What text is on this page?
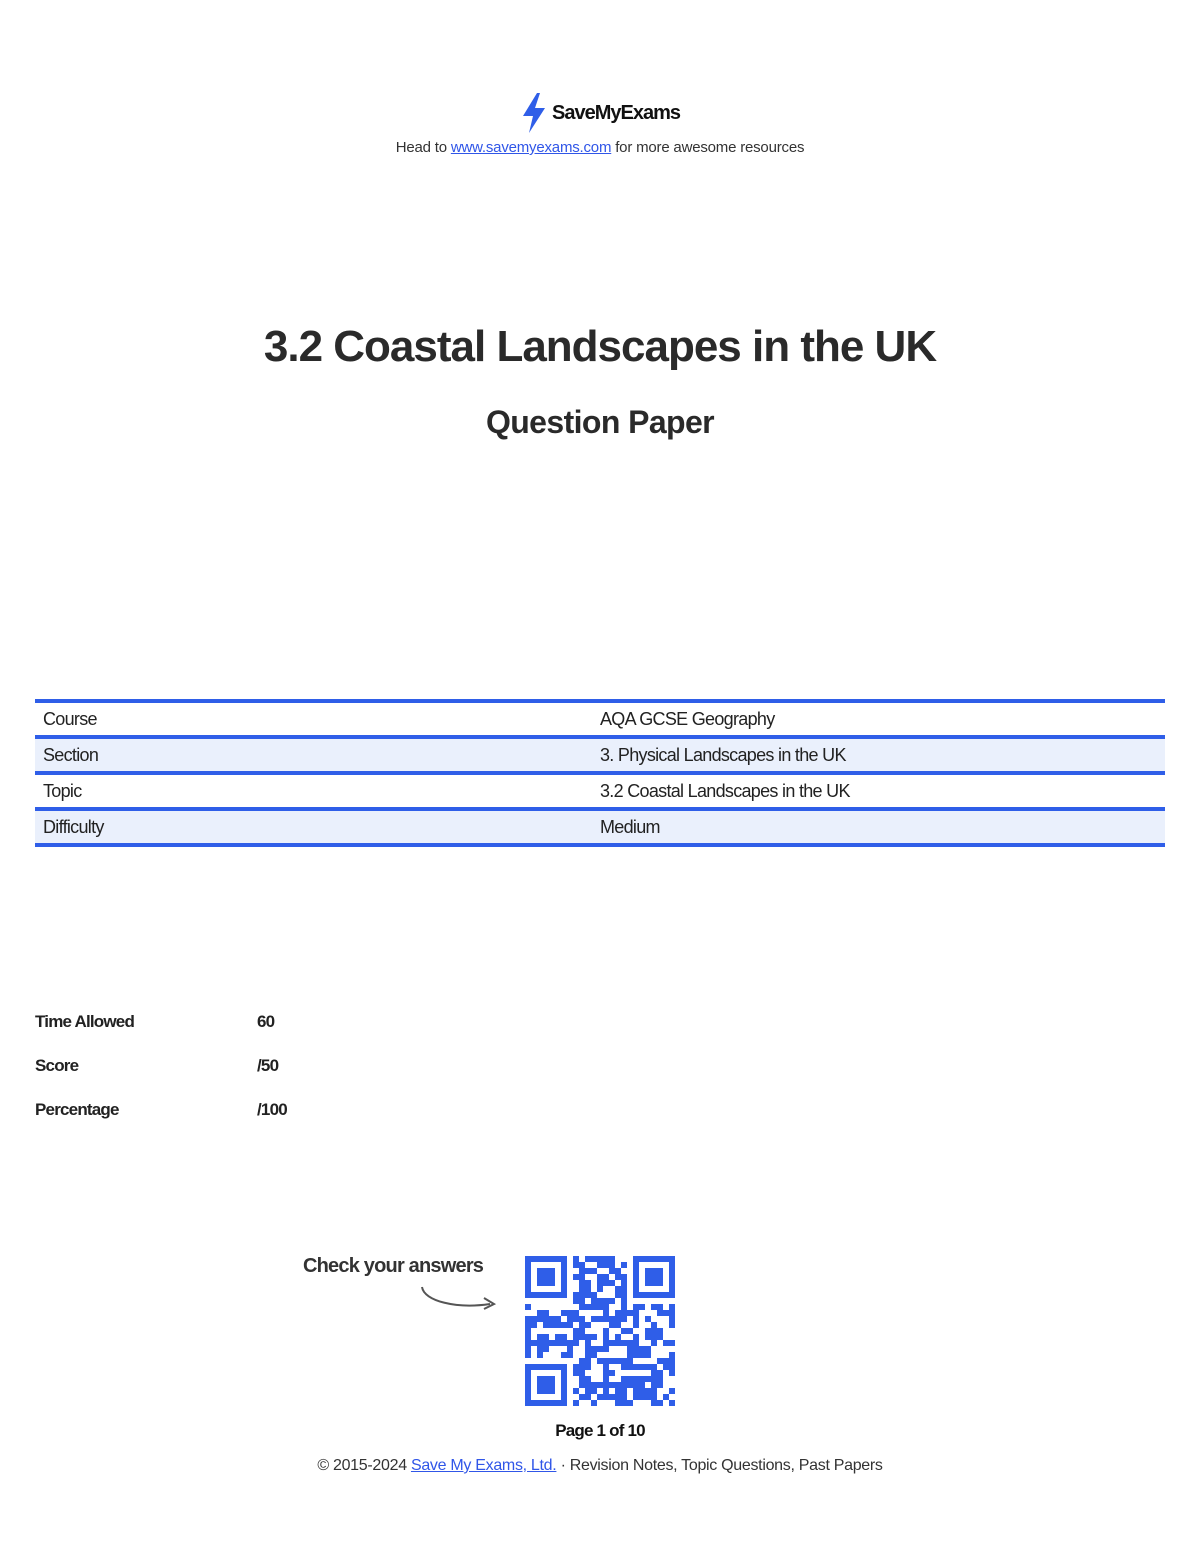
SaveMyExams
Head to www.savemyexams.com for more awesome resources
3.2 Coastal Landscapes in the UK
Question Paper
Course	AQA GCSE Geography
Section	3. Physical Landscapes in the UK
Topic	3.2 Coastal Landscapes in the UK
Difficulty	Medium
Time Allowed	60
Score	/50
Percentage	/100
Check your answers
Page 1 of 10
© 2015-2024 Save My Exams, Ltd. · Revision Notes, Topic Questions, Past Papers
